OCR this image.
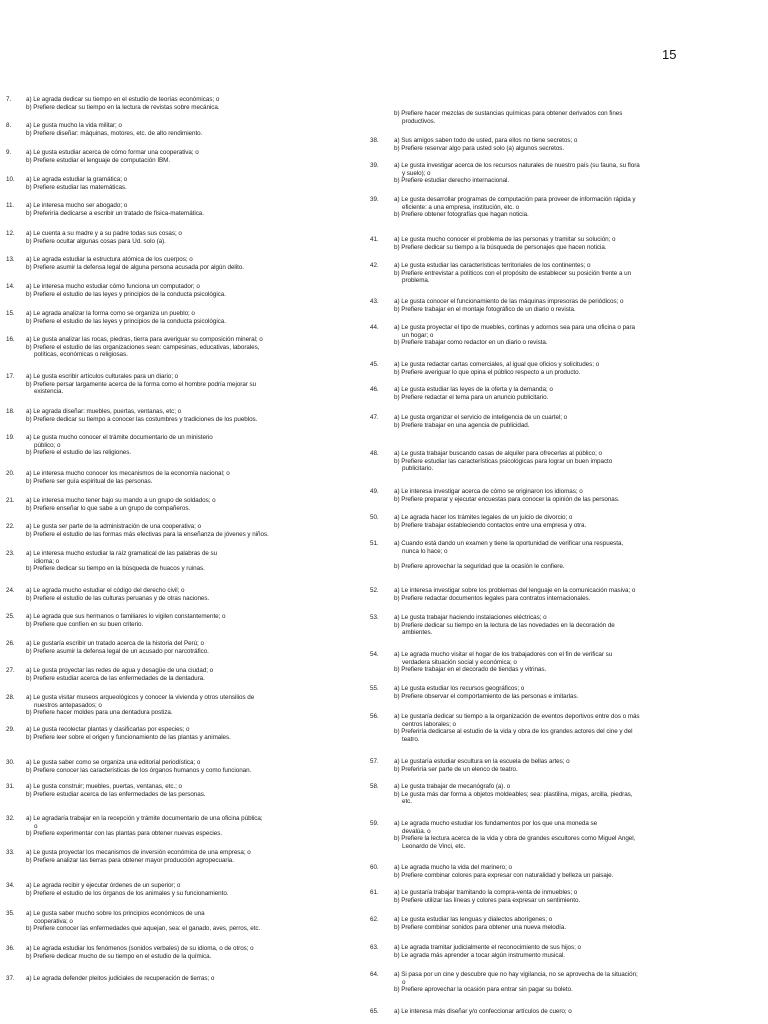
15
7.	a) Le agrada dedicar su tiempo en el estudio de teorías económicas; o
b) Prefiere dedicar su tiempo en la lectura de revistas sobre mecánica.
8.	a) Le gusta mucho la vida militar; o
b) Prefiere diseñar: máquinas, motores, etc. de alto rendimiento.
9.	a) Le gusta estudiar acerca de cómo formar una cooperativa; o
b) Prefiere estudiar el lenguaje de computación IBM.
10.	a) Le agrada estudiar la gramática; o
b) Prefiere estudiar las matemáticas.
11.	a) Le interesa mucho ser abogado; o
b) Preferiría dedicarse a escribir un tratado de física-matemática.
12.	a) Le cuenta a su madre y a su padre todas sus cosas; o
b) Prefiere ocultar algunas cosas para Ud. solo (a).
13.	a) Le agrada estudiar la estructura atómica de los cuerpos; o
b) Prefiere asumir la defensa legal de alguna persona acusada por algún delito.
14.	a) Le interesa mucho estudiar cómo funciona un computador; o
b) Prefiere el estudio de las leyes y principios de la conducta psicológica.
15.	a) Le agrada analizar la forma como se organiza un pueblo; o
b) Prefiere el estudio de las leyes y principios de la conducta psicológica.
16.	a) Le gusta analizar las rocas, piedras, tierra para averiguar su composición mineral; o
b) Prefiere el estudio de las organizaciones sean: campesinas, educativas, laborales,
políticas, económicas o religiosas.
17.	a) Le gusta escribir artículos culturales para un diario; o
b) Prefiere persar largamente acerca de la forma como el hombre podría mejorar su
existencia.
18.	a) Le agrada diseñar: muebles, puertas, ventanas, etc; o
b) Prefiere dedicar su tiempo a conocer las costumbres y tradiciones de los pueblos.
19.	a) Le gusta mucho conocer el trámite documentario de un ministerio
público; o
b) Prefiere el estudio de las religiones.
20.	a) Le interesa mucho conocer los mecanismos de la economía nacional; o
b) Prefiere ser guía espiritual de las personas.
21.	a) Le interesa mucho tener bajo su mando a un grupo de soldados; o
b) Prefiere enseñar lo que sabe a un grupo de compañeros.
22.	a) Le gusta ser parte de la administración de una cooperativa; o
b) Prefiere el estudio de las formas más efectivas para la enseñanza de jóvenes y niños.
23.	a) Le interesa mucho estudiar la raíz gramatical de las palabras de su
idioma; o
b) Prefiere dedicar su tiempo en la búsqueda de huacos y ruinas.
24.	a) Le agrada mucho estudiar el código del derecho civil; o
b) Prefiere el estudio de las culturas peruanas y de otras naciones.
25.	a) Le agrada que sus hermanos o familiares lo vigilen constantemente; o
b) Prefiere que confíen en su buen criterio.
26.	a) Le gustaría escribir un tratado acerca de la historia del Perú; o
b) Prefiere asumir la defensa legal de un acusado por narcotráfico.
27.	a) Le gusta proyectar las redes de agua y desagüe de una ciudad; o
b) Prefiere estudiar acerca de las enfermedades de la dentadura.
28.	a) Le gusta visitar museos arqueológicos y conocer la vivienda y otros utensilios de
nuestros antepasados; o
b) Prefiere hacer moldes para una dentadura postiza.
29.	a) Le gusta recolectar plantas y clasificarlas por especies; o
b) Prefiere leer sobre el origen y funcionamiento de las plantas y animales.
30.	a) Le gusta saber como se organiza una editorial periodística; o
b) Prefiere conocer las características de los órganos humanos y como funcionan.
31.	a) Le gusta construir; muebles, puertas, ventanas, etc.; o
b) Prefiere estudiar acerca de las enfermedades de las personas.
32.	a) Le agradaría trabajar en la recepción y trámite documentario de una oficina pública;
o
b) Prefiere experimentar con las plantas para obtener nuevas especies.
33.	a) Le gusta proyectar los mecanismos de inversión económica de una empresa; o
b) Prefiere analizar las tierras para obtener mayor producción agropecuaria.
34.	a) Le agrada recibir y ejecutar órdenes de un superior; o
b) Prefiere el estudio de los órganos de los animales y su funcionamiento.
35.	a) Le gusta saber mucho sobre los principios económicos de una
cooperativa; o
b) Prefiere conocer las enfermedades que aquejan, sea: el ganado, aves, perros, etc.
36.	a) Le agrada estudiar los fenómenos (sonidos verbales) de su idioma, o de otros; o
b) Prefiere dedicar mucho de su tiempo en el estudio de la química.
37.	a) Le agrada defender pleitos judiciales de recuperación de tierras; o
b) Prefiere hacer mezclas de sustancias químicas para obtener derivados con fines
productivos.
38.	a) Sus amigos saben todo de usted, para ellos no tiene secretos; o
b) Prefiere reservar algo para usted solo (a) algunos secretos.
39.	a) Le gusta investigar acerca de los recursos naturales de nuestro país (su fauna, su flora
y suelo); o
b) Prefiere estudiar derecho internacional.
39.	a) Le gusta desarrollar programas de computación para proveer de información rápida y
eficiente: a una empresa, institución, etc. o
b) Prefiere obtener fotografías que hagan noticia.
41.	a) Le gusta mucho conocer el problema de las personas y tramitar su solución; o
b) Prefiere dedicar su tiempo a la búsqueda de personajes que hacen noticia.
42.	a) Le gusta estudiar las características territoriales de los continentes; o
b) Prefiere entrevistar a políticos con el propósito de establecer su posición frente a un
problema.
43.	a) Le gusta conocer el funcionamiento de las máquinas impresoras de periódicos; o
b) Prefiere trabajar en el montaje fotográfico de un diario o revista.
44.	a) Le gusta proyectar el tipo de muebles, cortinas y adornos sea para una oficina o para
un hogar; o
b) Prefiere trabajar como redactor en un diario o revista.
45.	a) Le gusta redactar cartas comerciales, al igual que oficios y solicitudes; o
b) Prefiere averiguar lo que opina el público respecto a un producto.
46.	a) Le gusta estudiar las leyes de la oferta y la demanda; o
b) Prefiere redactar el tema para un anuncio publicitario.
47.	a) Le gusta organizar el servicio de inteligencia de un cuartel; o
b) Prefiere trabajar en una agencia de publicidad.
48.	a) Le gusta trabajar buscando casas de alquiler para ofrecerlas al público; o
b) Prefiere estudiar las características psicológicas para lograr un buen impacto
publicitario.
49.	a) Le interesa investigar acerca de cómo se originaron los idiomas; o
b) Prefiere preparar y ejecutar encuestas para conocer la opinión de las personas.
50.	a) Le agrada hacer los trámites legales de un juicio de divorcio; o
b) Prefiere trabajar estableciendo contactos entre una empresa y otra.
51.	a) Cuando está dando un examen y tiene la oportunidad de verificar una respuesta,
nunca lo hace; o

b) Prefiere aprovechar la seguridad que la ocasión le confiere.
52.	a) Le interesa investigar sobre los problemas del lenguaje en la comunicación masiva; o
b) Prefiere redactar documentos legales para contratos internacionales.
53.	a) Le gusta trabajar haciendo instalaciones eléctricas; o
b) Prefiere dedicar su tiempo en la lectura de las novedades en la decoración de
ambientes.
54.	a) Le agrada mucho visitar el hogar de los trabajadores con el fin de verificar su
verdadera situación social y económica; o
b) Prefiere trabajar en el decorado de tiendas y vitrinas.
55.	a) Le gusta estudiar los recursos geográficos; o
b) Prefiere observar el comportamiento de las personas e imitarlas.
56.	a) Le gustaría dedicar su tiempo a la organización de eventos deportivos entre dos o más
centros laborales; o
b) Preferiría dedicarse al estudio de la vida y obra de los grandes actores del cine y del
teatro.
57.	a) Le gustaría estudiar escultura en la escuela de bellas artes; o
b) Preferiría ser parte de un elenco de teatro.
58.	a) Le gusta trabajar de mecanógrafo (a). o
b) Le gusta más dar forma a objetos moldeables; sea: plastilina, migas, arcilla, piedras,
etc.
59.	a) Le agrada mucho estudiar los fundamentos por los que una moneda se
devalúa. o
b) Prefiere la lectura acerca de la vida y obra de grandes escultores como Miguel Angel,
Leonardo de Vinci, etc.
60.	a) Le agrada mucho la vida del marinero; o
b) Prefiere combinar colores para expresar con naturalidad y belleza un paisaje.
61.	a) Le gustaría trabajar tramitando la compra-venta de inmuebles; o
b) Prefiere utilizar las líneas y colores para expresar un sentimiento.
62.	a) Le gusta estudiar las lenguas y dialectos aborígenes; o
b) Prefiere combinar sonidos para obtener una nueva melodía.
63.	a) Le agrada tramitar judicialmente el reconocimiento de sus hijos; o
b) Le agrada más aprender a tocar algún instrumento musical.
64.	a) Si pasa por un cine y descubre que no hay vigilancia, no se aprovecha de la situación;
o
b) Prefiere aprovechar la ocasión para entrar sin pagar su boleto.
65.	a) Le interesa más diseñar y/o confeccionar artículos de cuero; o
